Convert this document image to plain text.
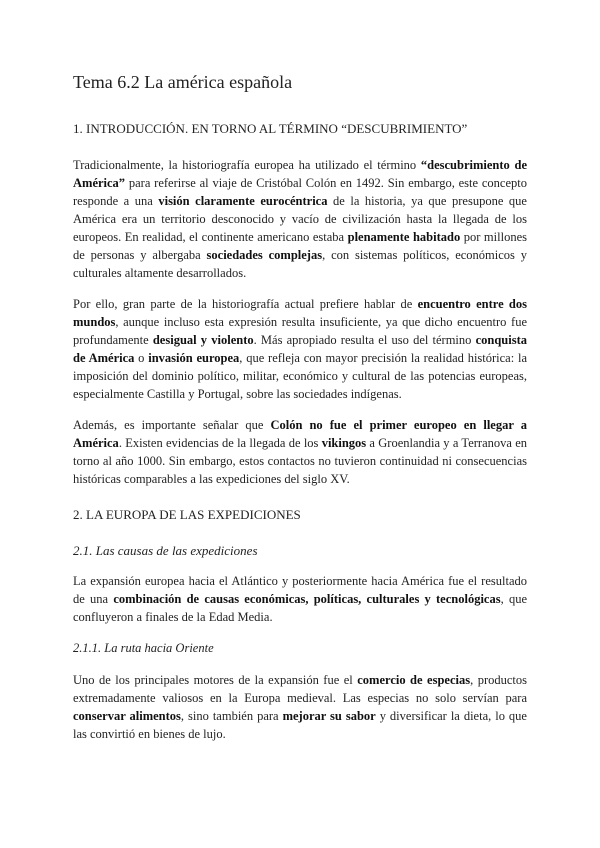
Tema 6.2 La américa española
1. INTRODUCCIÓN. EN TORNO AL TÉRMINO “DESCUBRIMIENTO”

Tradicionalmente, la historiografía europea ha utilizado el término “descubrimiento de América” para referirse al viaje de Cristóbal Colón en 1492. Sin embargo, este concepto responde a una visión claramente eurocéntrica de la historia, ya que presupone que América era un territorio desconocido y vacío de civilización hasta la llegada de los europeos. En realidad, el continente americano estaba plenamente habitado por millones de personas y albergaba sociedades complejas, con sistemas políticos, económicos y culturales altamente desarrollados.

Por ello, gran parte de la historiografía actual prefiere hablar de encuentro entre dos mundos, aunque incluso esta expresión resulta insuficiente, ya que dicho encuentro fue profundamente desigual y violento. Más apropiado resulta el uso del término conquista de América o invasión europea, que refleja con mayor precisión la realidad histórica: la imposición del dominio político, militar, económico y cultural de las potencias europeas, especialmente Castilla y Portugal, sobre las sociedades indígenas.

Además, es importante señalar que Colón no fue el primer europeo en llegar a América. Existen evidencias de la llegada de los vikingos a Groenlandia y a Terranova en torno al año 1000. Sin embargo, estos contactos no tuvieron continuidad ni consecuencias históricas comparables a las expediciones del siglo XV.

2. LA EUROPA DE LAS EXPEDICIONES
2.1. Las causas de las expediciones

La expansión europea hacia el Atlántico y posteriormente hacia América fue el resultado de una combinación de causas económicas, políticas, culturales y tecnológicas, que confluyeron a finales de la Edad Media.

2.1.1. La ruta hacia Oriente

Uno de los principales motores de la expansión fue el comercio de especias, productos extremadamente valiosos en la Europa medieval. Las especias no solo servían para conservar alimentos, sino también para mejorar su sabor y diversificar la dieta, lo que las convirtió en bienes de lujo.
